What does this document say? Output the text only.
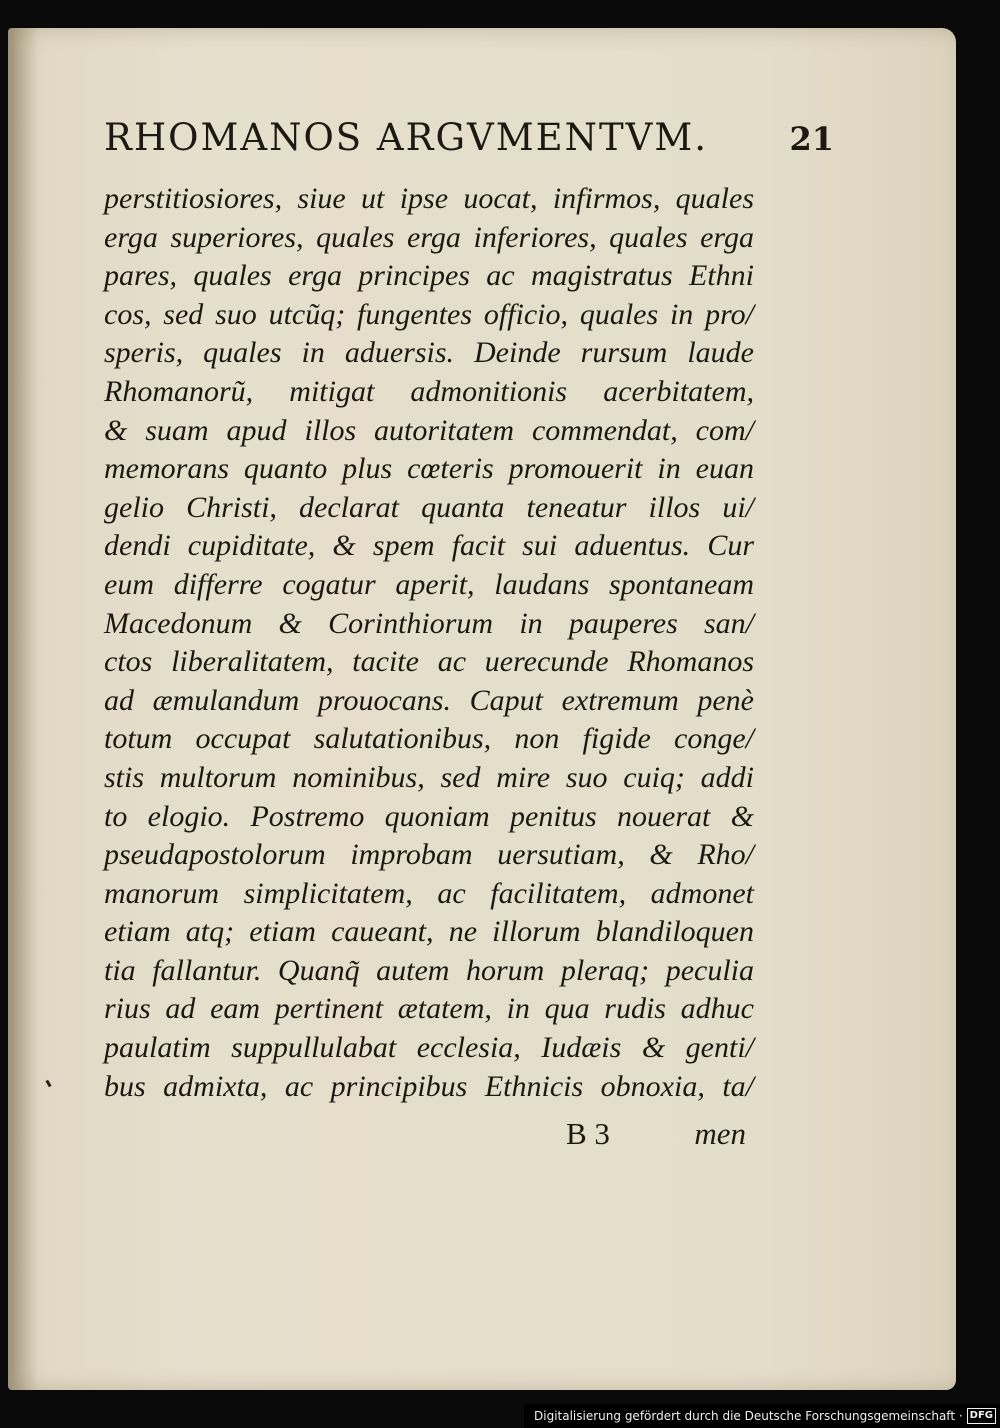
RHOMANOS ARGVMENTVM.	21
perstitiosiores, siue ut ipse uocat, infirmos, quales
erga superiores, quales erga inferiores, quales erga
pares, quales erga principes ac magistratus Ethni
cos, sed suo utcũq; fungentes officio, quales in pro/
speris, quales in aduersis. Deinde rursum laude
Rhomanorũ, mitigat admonitionis acerbitatem,
& suam apud illos autoritatem commendat, com/
memorans quanto plus cœteris promouerit in euan
gelio Christi, declarat quanta teneatur illos ui/
dendi cupiditate, & spem facit sui aduentus. Cur
eum differre cogatur aperit, laudans spontaneam
Macedonum & Corinthiorum in pauperes san/
ctos liberalitatem, tacite ac uerecunde Rhomanos
ad æmulandum prouocans. Caput extremum penè
totum occupat salutationibus, non figide conge/
stis multorum nominibus, sed mire suo cuiq; addi
to elogio. Postremo quoniam penitus nouerat &
pseudapostolorum improbam uersutiam, & Rho/
manorum simplicitatem, ac facilitatem, admonet
etiam atq; etiam caueant, ne illorum blandiloquen
tia fallantur. Quanq̃ autem horum pleraq; peculia
rius ad eam pertinent ætatem, in qua rudis adhuc
paulatim suppullulabat ecclesia, Iudæis & genti/
bus admixta, ac principibus Ethnicis obnoxia, ta/
B 3	men
Digitalisierung gefördert durch die Deutsche Forschungsgemeinschaft · DFG
